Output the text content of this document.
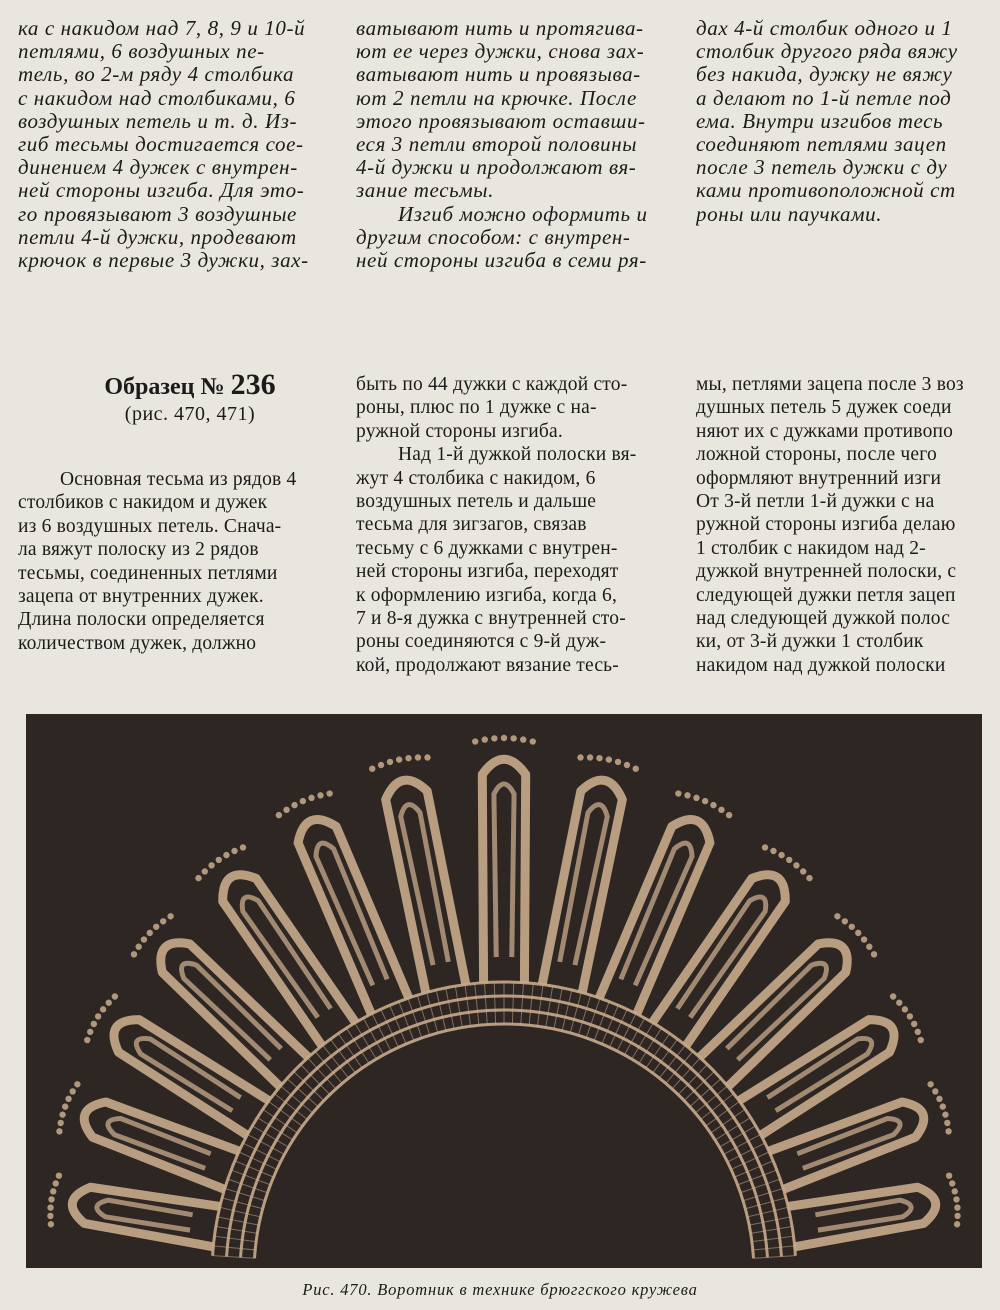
ка с накидом над 7, 8, 9 и 10-й
петлями, 6 воздушных пе-
тель, во 2-м ряду 4 столбика
с накидом над столбиками, 6
воздушных петель и т. д. Из-
гиб тесьмы достигается сое-
динением 4 дужек с внутрен-
ней стороны изгиба. Для это-
го провязывают 3 воздушные
петли 4-й дужки, продевают
крючок в первые 3 дужки, зах-
ватывают нить и протягива-
ют ее через дужки, снова зах-
ватывают нить и провязыва-
ют 2 петли на крючке. После
этого провязывают оставши-
еся 3 петли второй половины
4-й дужки и продолжают вя-
зание тесьмы.
Изгиб можно оформить и
другим способом: с внутрен-
ней стороны изгиба в семи ря-
дах 4-й столбик одного и 1
столбик другого ряда вяжу
без накида, дужку не вяжу
а делают по 1-й петле под
ема. Внутри изгибов тесь
соединяют петлями зацеп
после 3 петель дужки с ду
ками противоположной ст
роны или паучками.
Образец № 236
(рис. 470, 471)
Основная тесьма из рядов 4
столбиков с накидом и дужек
из 6 воздушных петель. Снача-
ла вяжут полоску из 2 рядов
тесьмы, соединенных петлями
зацепа от внутренних дужек.
Длина полоски определяется
количеством дужек, должно
быть по 44 дужки с каждой сто-
роны, плюс по 1 дужке с на-
ружной стороны изгиба.
Над 1-й дужкой полоски вя-
жут 4 столбика с накидом, 6
воздушных петель и дальше
тесьма для зигзагов, связав
тесьму с 6 дужками с внутрен-
ней стороны изгиба, переходят
к оформлению изгиба, когда 6,
7 и 8-я дужка с внутренней сто-
роны соединяются с 9-й дуж-
кой, продолжают вязание тесь-
мы, петлями зацепа после 3 воз
душных петель 5 дужек соеди
няют их с дужками противопо
ложной стороны, после чего
оформляют внутренний изги
От 3-й петли 1-й дужки с на
ружной стороны изгиба делаю
1 столбик с накидом над 2-
дужкой внутренней полоски, с
следующей дужки петля зацеп
над следующей дужкой полос
ки, от 3-й дужки 1 столбик
накидом над дужкой полоски
Рис. 470. Воротник в технике брюггского кружева
